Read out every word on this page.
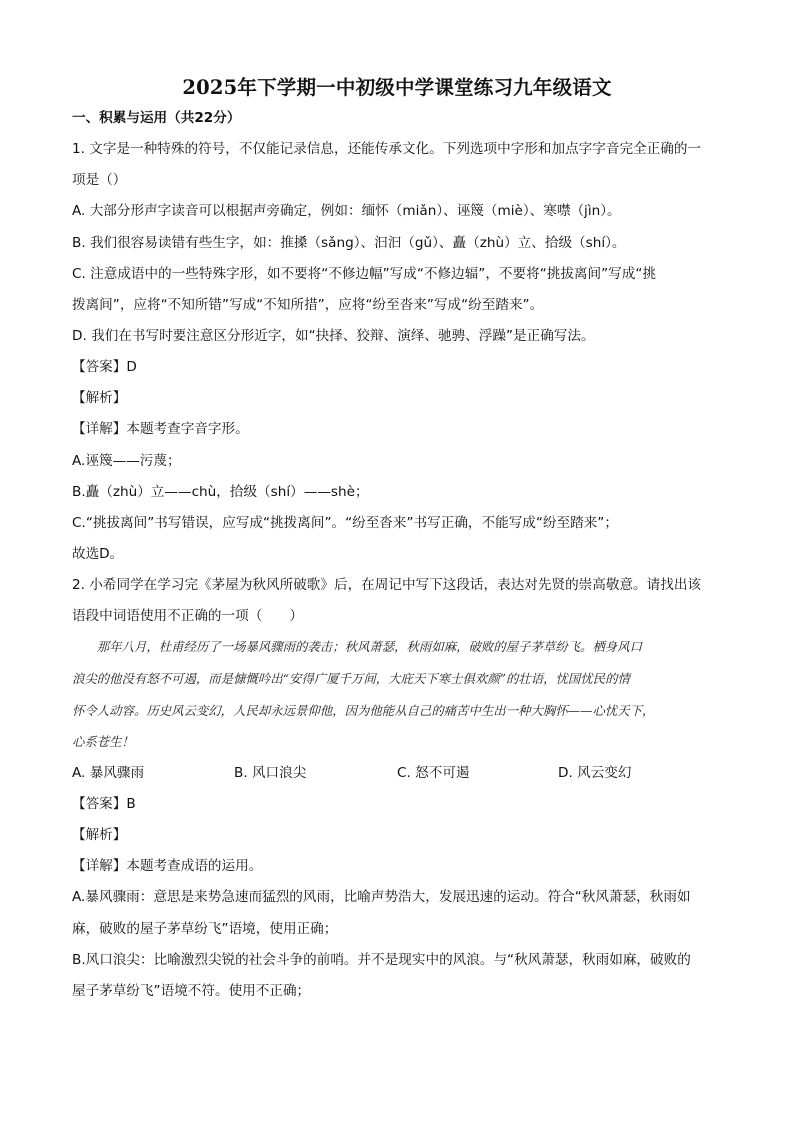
2025年下学期一中初级中学课堂练习九年级语文
一、积累与运用（共22分）
1. 文字是一种特殊的符号，不仅能记录信息，还能传承文化。下列选项中字形和加点字字音完全正确的一
项是（）
A. 大部分形声字读音可以根据声旁确定，例如：缅怀（miǎn）、诬篾（miè）、寒噤（jìn）。
B. 我们很容易读错有些生字，如：推搡（sǎng）、汩汩（gǔ）、矗（zhù）立、拾级（shí）。
C. 注意成语中的一些特殊字形，如不要将“不修边幅”写成“不修边辐”，不要将“挑拔离间”写成“挑
拨离间”，应将“不知所错”写成“不知所措”，应将“纷至沓来”写成“纷至踏来”。
D. 我们在书写时要注意区分形近字，如“抉择、狡辩、演绎、驰骋、浮躁”是正确写法。
【答案】D
【解析】
【详解】本题考查字音字形。
A.诬篾——污蔑；
B.矗（zhù）立——chù，拾级（shí）——shè；
C.“挑拔离间”书写错误，应写成“挑拨离间”。“纷至沓来”书写正确，不能写成“纷至踏来”；
故选D。
2. 小希同学在学习完《茅屋为秋风所破歌》后，在周记中写下这段话，表达对先贤的崇高敬意。请找出该
语段中词语使用不正确的一项（　　）
　　那年八月，杜甫经历了一场暴风骤雨的袭击；秋风萧瑟，秋雨如麻，破败的屋子茅草纷飞。栖身风口
浪尖的他没有怒不可遏，而是慷慨吟出“安得广厦千万间，大庇天下寒士俱欢颜”的壮语，忧国忧民的情
怀令人动容。历史风云变幻，人民却永远景仰他，因为他能从自己的痛苦中生出一种大胸怀——心忧天下，
心系苍生！
A. 暴风骤雨	B. 风口浪尖	C. 怒不可遏	D. 风云变幻
【答案】B
【解析】
【详解】本题考查成语的运用。
A.暴风骤雨：意思是来势急速而猛烈的风雨，比喻声势浩大，发展迅速的运动。符合“秋风萧瑟，秋雨如
麻，破败的屋子茅草纷飞”语境，使用正确；
B.风口浪尖：比喻激烈尖锐的社会斗争的前哨。并不是现实中的风浪。与“秋风萧瑟，秋雨如麻，破败的
屋子茅草纷飞”语境不符。使用不正确；
